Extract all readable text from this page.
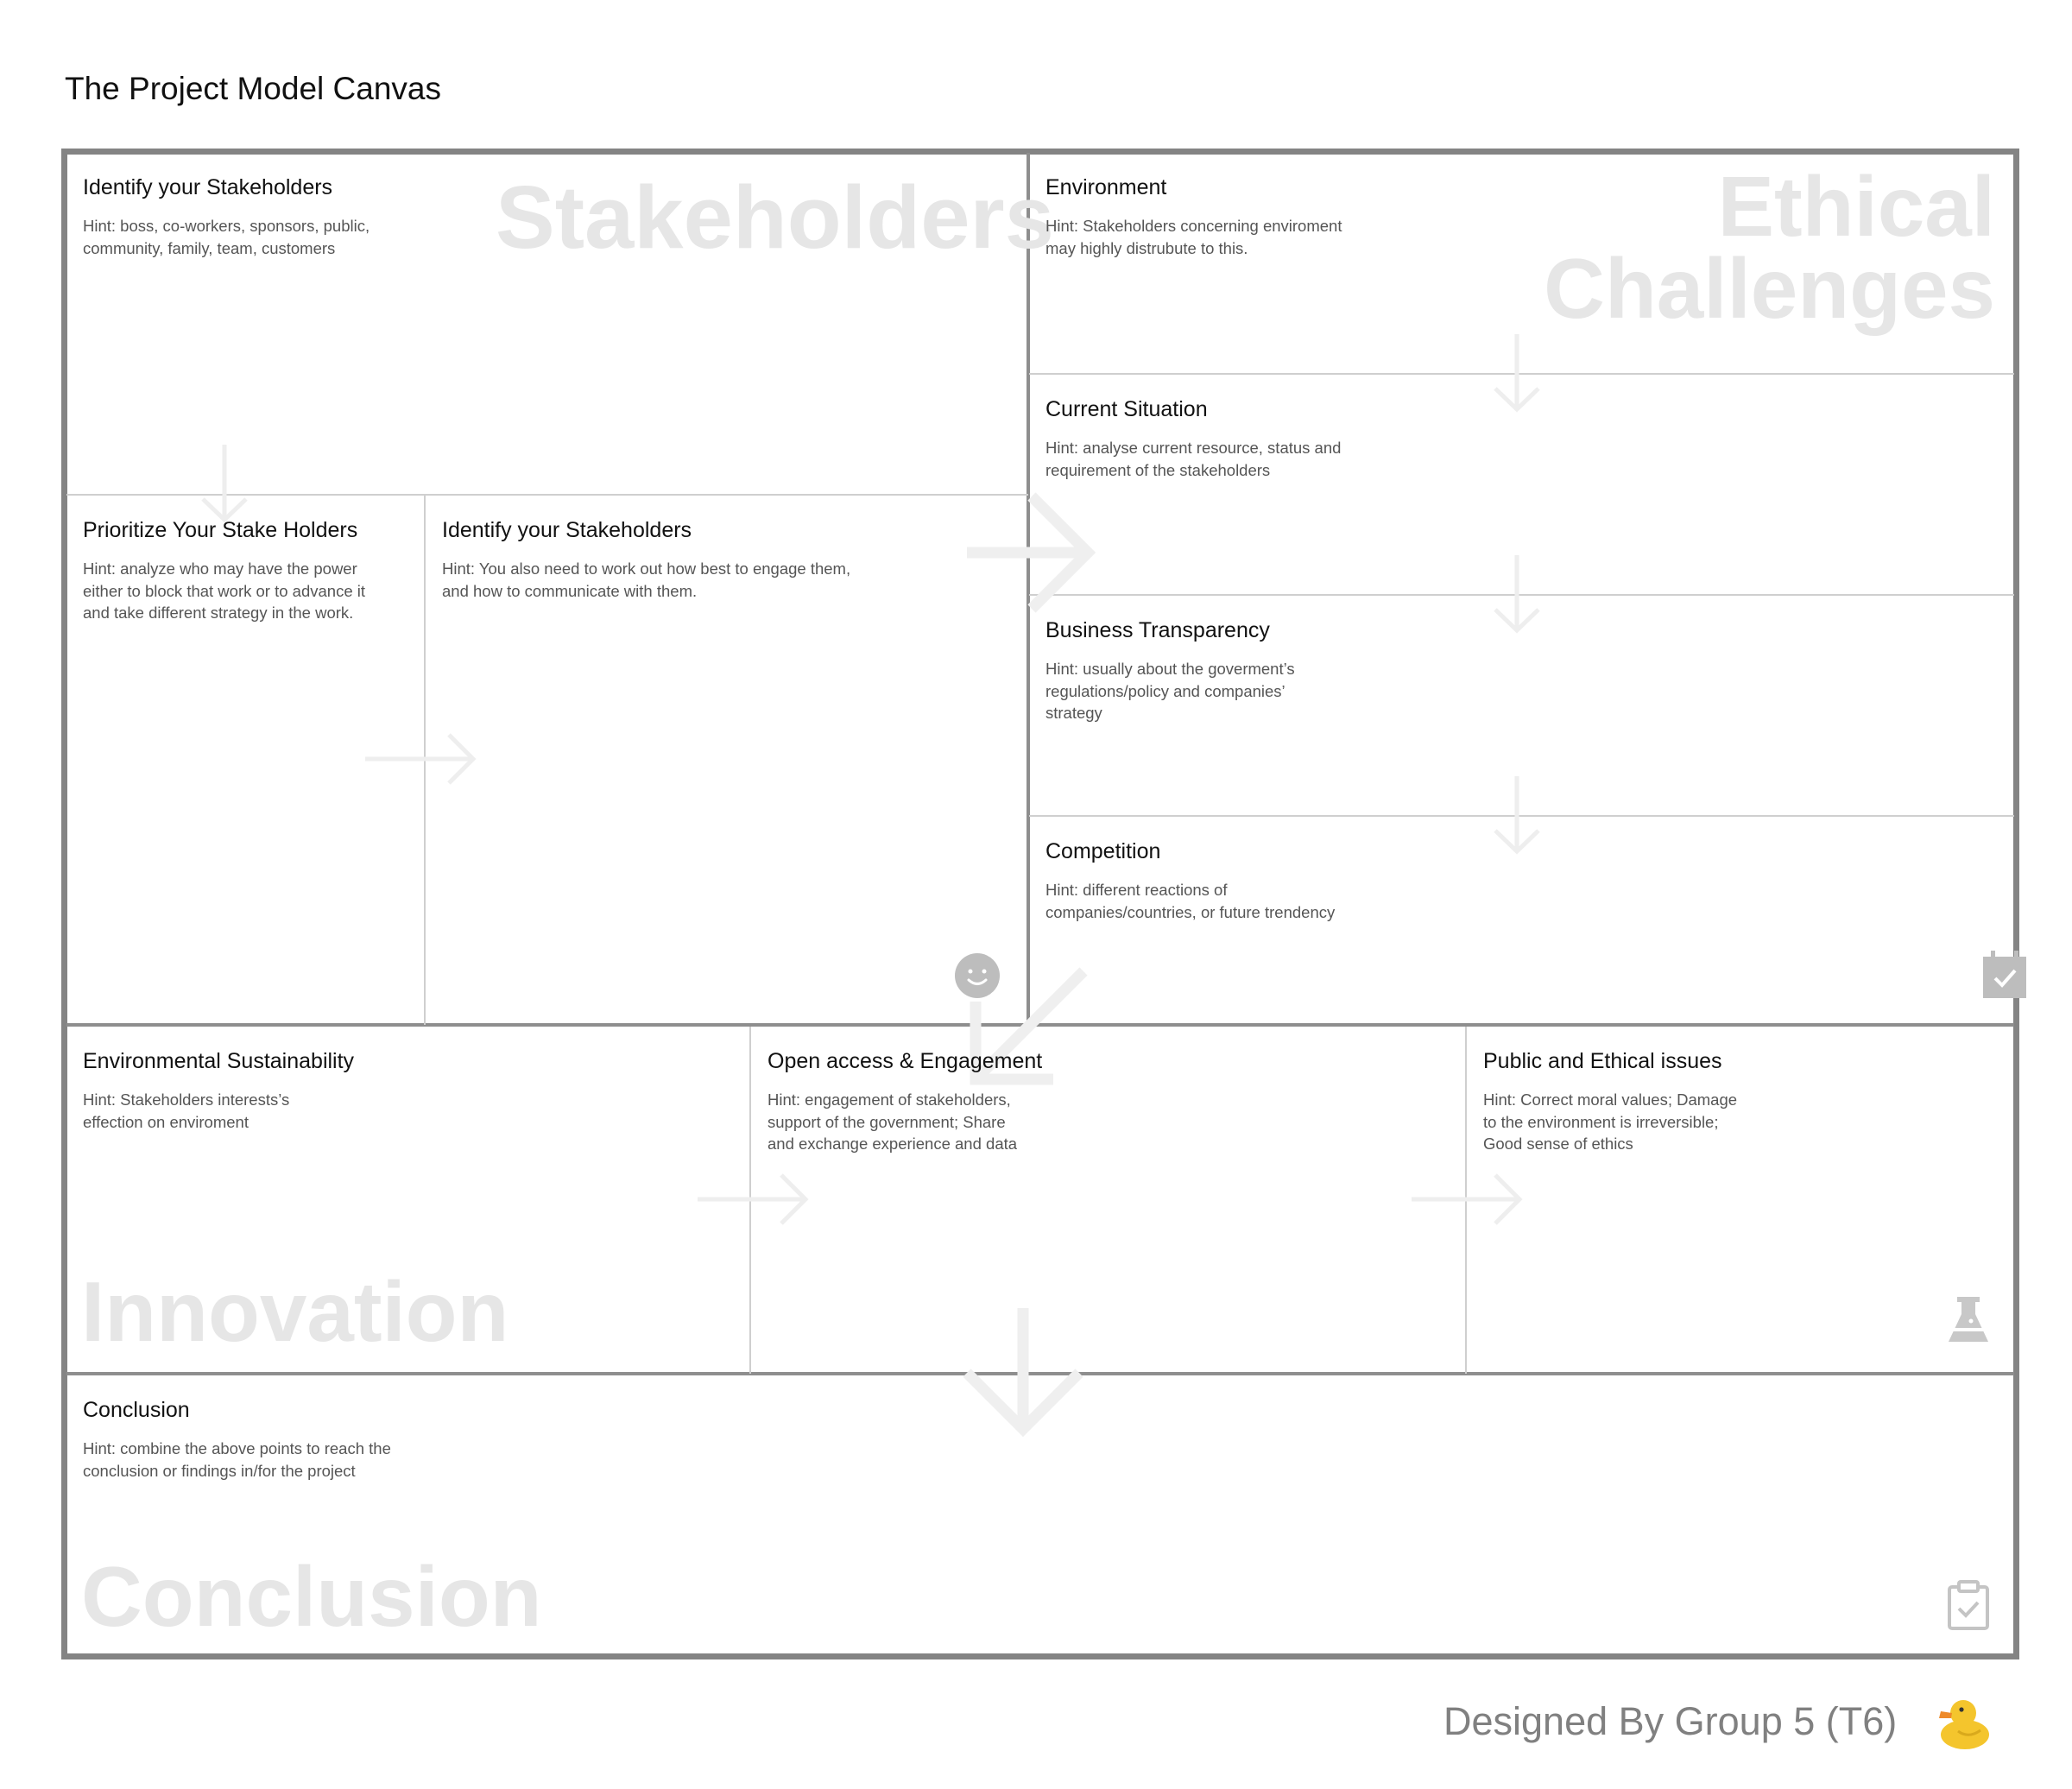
The Project Model Canvas
Stakeholders	Ethical
Challenges
Innovation
Conclusion
Identify your Stakeholders
Hint: boss, co-workers, sponsors, public,
community, family, team, customers
Prioritize Your Stake Holders
Hint: analyze who may have the power
either to block that work or to advance it
and take different strategy in the work.
Identify your Stakeholders
Hint: You also need to work out how best to engage them,
and how to communicate with them.
Environment
Hint: Stakeholders concerning enviroment
may highly distrubute to this.
Current Situation
Hint: analyse current resource, status and
requirement of the stakeholders
Business Transparency
Hint: usually about the goverment’s
regulations/policy and companies’
strategy
Competition
Hint: different reactions of
companies/countries, or future trendency
Environmental Sustainability
Hint: Stakeholders interests’s
effection on enviroment
Open access & Engagement
Hint: engagement of stakeholders,
support of the government; Share
and exchange experience and data
Public and Ethical issues
Hint: Correct moral values; Damage
to the environment is irreversible;
Good sense of ethics
Conclusion
Hint: combine the above points to reach the
conclusion or findings in/for the project
Designed By Group 5 (T6)
